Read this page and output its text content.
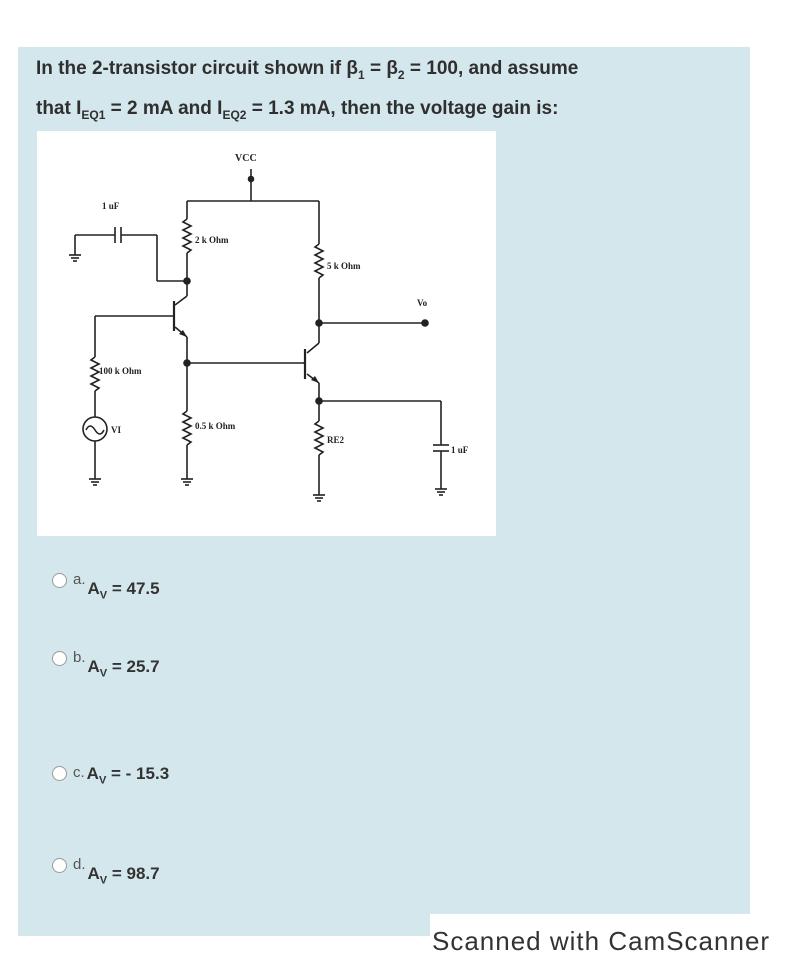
In the 2-transistor circuit shown if $\beta_1 = \beta_2 = 100$, and assume
that $I_{EQ1} = 2$ mA and $I_{EQ2} = 1.3$ mA, then the voltage gain is:
VCC
2 k Ohm
1 uF
100 k Ohm
VI	0.5 k Ohm
5 k Ohm
Vo
RE2
1 uF
a. $A_V = 47.5$
b. $A_V = 25.7$
c. $A_V$ = - 15.3
d. $A_V = 98.7$
Scanned with CamScanner
